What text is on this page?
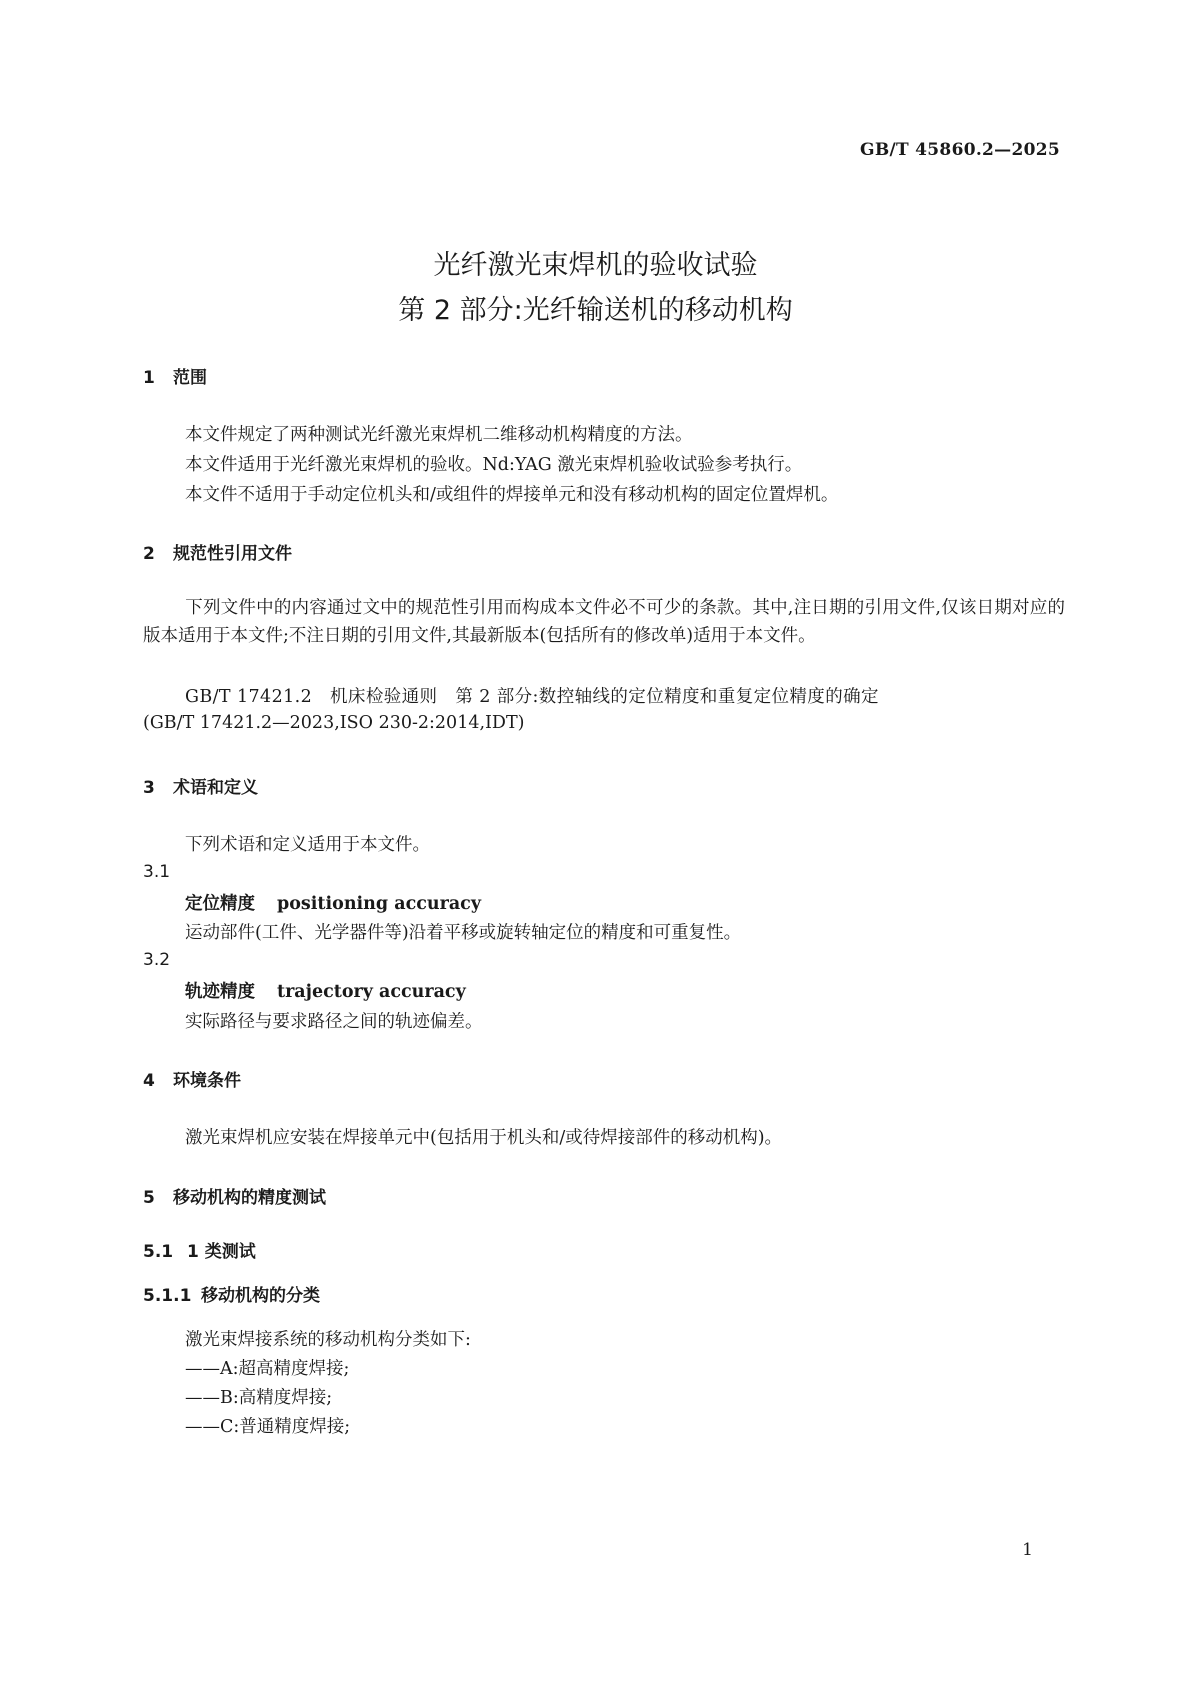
GB/T 45860.2—2025
光纤激光束焊机的验收试验
第 2 部分:光纤输送机的移动机构
1 范围
本文件规定了两种测试光纤激光束焊机二维移动机构精度的方法。
本文件适用于光纤激光束焊机的验收。Nd:YAG 激光束焊机验收试验参考执行。
本文件不适用于手动定位机头和/或组件的焊接单元和没有移动机构的固定位置焊机。
2 规范性引用文件
下列文件中的内容通过文中的规范性引用而构成本文件必不可少的条款。其中,注日期的引用文件,仅该日期对应的版本适用于本文件;不注日期的引用文件,其最新版本(包括所有的修改单)适用于本文件。
GB/T 17421.2　机床检验通则　第 2 部分:数控轴线的定位精度和重复定位精度的确定
(GB/T 17421.2—2023,ISO 230-2:2014,IDT)
3 术语和定义
下列术语和定义适用于本文件。
3.1
定位精度 positioning accuracy
运动部件(工件、光学器件等)沿着平移或旋转轴定位的精度和可重复性。
3.2
轨迹精度 trajectory accuracy
实际路径与要求路径之间的轨迹偏差。
4 环境条件
激光束焊机应安装在焊接单元中(包括用于机头和/或待焊接部件的移动机构)。
5 移动机构的精度测试
5.1 1 类测试
5.1.1 移动机构的分类
激光束焊接系统的移动机构分类如下:
——A:超高精度焊接;
——B:高精度焊接;
——C:普通精度焊接;
1
